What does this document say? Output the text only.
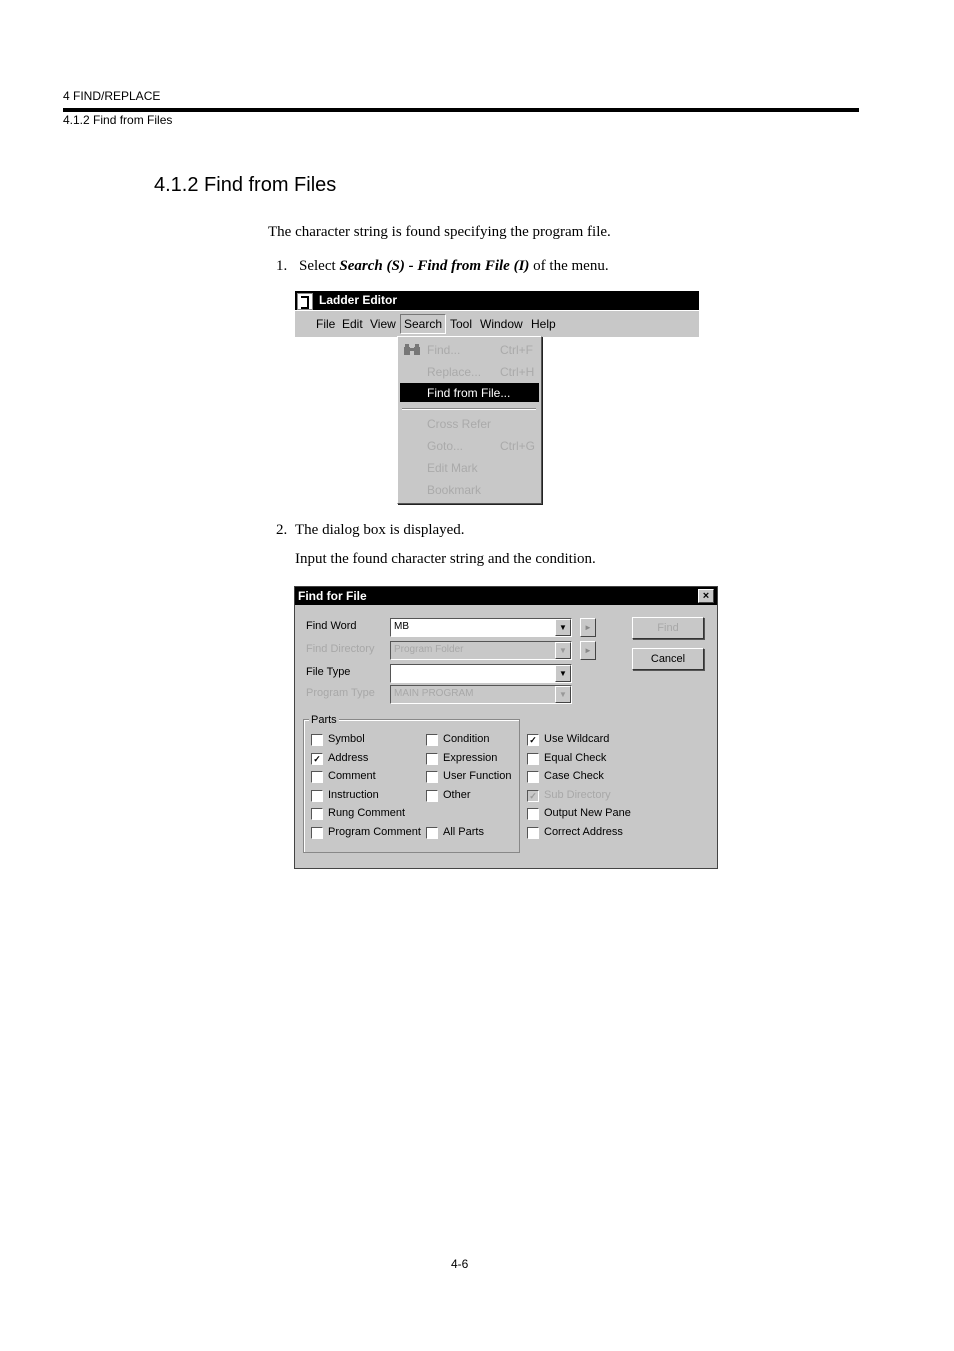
4 FIND/REPLACE
4.1.2 Find from Files
4.1.2 Find from Files
The character string is found specifying the program file.
1. Select Search (S) - Find from File (I) of the menu.
Ladder Editor
File Edit View Search Tool Window Help
Find...	Ctrl+F
Replace... Ctrl+H
Find from File...
Cross Refer
Goto...	Ctrl+G
Edit Mark
Bookmark
2. The dialog box is displayed.
Input the found character string and the condition.
Find for File	×
Find Word	MB	▼	►
Find Directory Program Folder	▼	►
File Type	▼
Program Type MAIN PROGRAM	▼
Find
Cancel
Parts
Symbol
✓ Address
Comment
Instruction
Rung Comment
Program Comment
Condition
Expression
User Function
Other
All Parts
✓ Use Wildcard
Equal Check
Case Check
✓ Sub Directory
Output New Pane
Correct Address
4-6
